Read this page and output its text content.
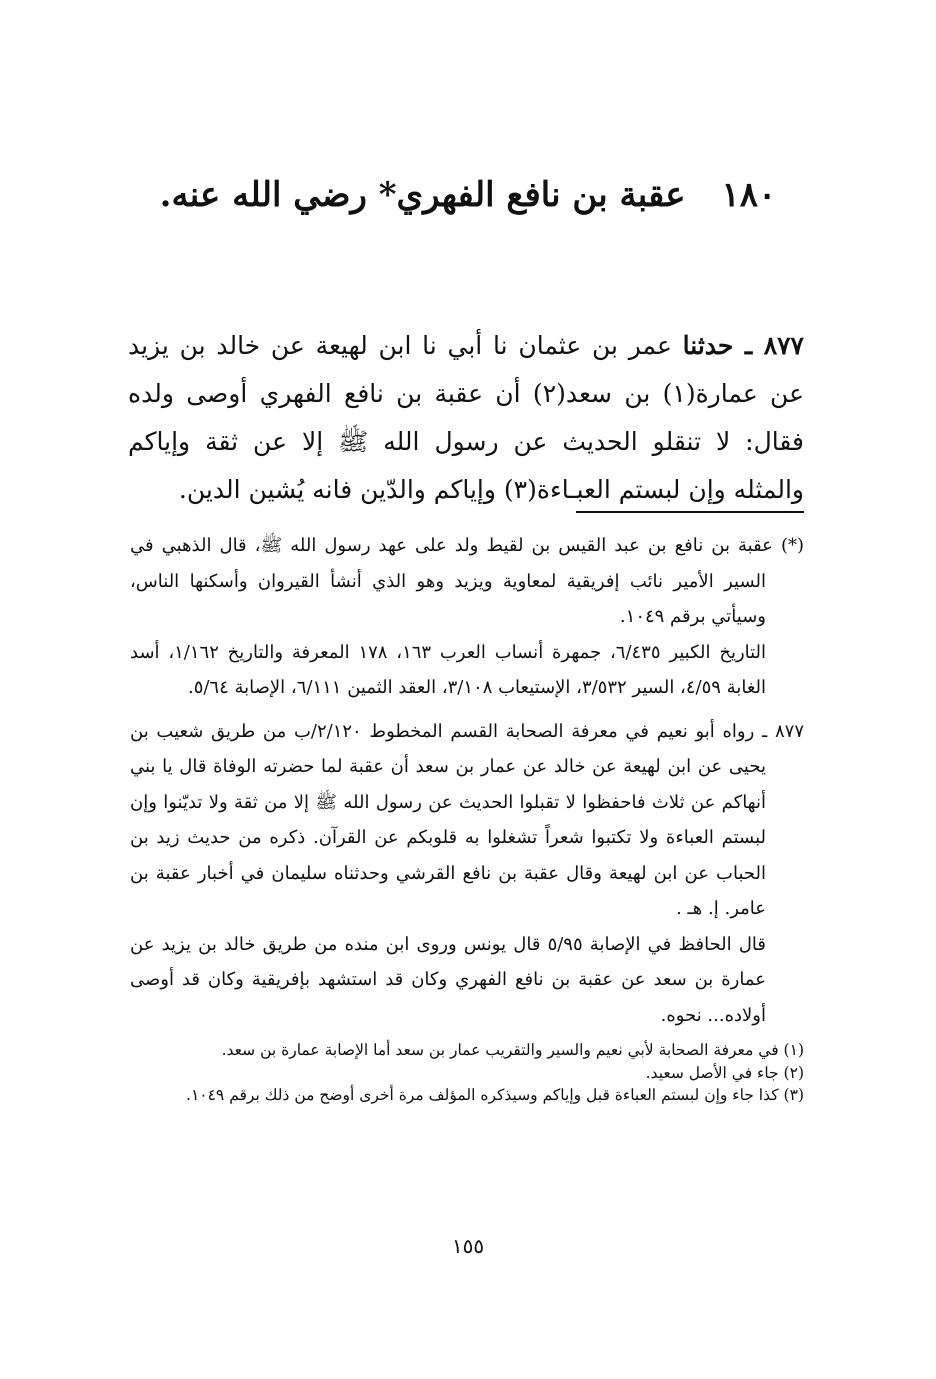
١٨٠عقبة بن نافع الفهري* رضي الله عنه.
٨٧٧ ـ حدثنا عمر بن عثمان نا أبي نا ابن لهيعة عن خالد بن يزيد عن عمارة(١) بن سعد(٢) أن عقبة بن نافع الفهري أوصى ولده فقال: لا تنقلو الحديث عن رسول الله ﷺ إلا عن ثقة وإياكم والمثله وإن لبستم العبـاءة(٣) وإياكم والدّين فانه يُشين الدين.

(*) عقبة بن نافع بن عبد القيس بن لقيط ولد على عهد رسول الله ﷺ، قال الذهبي في السير الأمير نائب إفريقية لمعاوية ويزيد وهو الذي أنشأ القيروان وأسكنها الناس، وسيأتي برقم ١٠٤٩.

التاريخ الكبير ٦/٤٣٥، جمهرة أنساب العرب ١٦٣، ١٧٨ المعرفة والتاريخ ١/١٦٢، أسد الغابة ٤/٥٩، السير ٣/٥٣٢، الإستيعاب ٣/١٠٨، العقد الثمين ٦/١١١، الإصابة ٥/٦٤.

٨٧٧ ـ رواه أبو نعيم في معرفة الصحابة القسم المخطوط ٢/١٢٠/ب من طريق شعيب بن يحيى عن ابن لهيعة عن خالد عن عمار بن سعد أن عقبة لما حضرته الوفاة قال يا بني أنهاكم عن ثلاث فاحفظوا لا تقبلوا الحديث عن رسول الله ﷺ إلا من ثقة ولا تديّنوا وإن لبستم العباءة ولا تكتبوا شعراً تشغلوا به قلوبكم عن القرآن. ذكره من حديث زيد بن الحباب عن ابن لهيعة وقال عقبة بن نافع القرشي وحدثناه سليمان في أخبار عقبة بن عامر. إ. هـ .

قال الحافظ في الإصابة ٥/٩٥ قال يونس وروى ابن منده من طريق خالد بن يزيد عن عمارة بن سعد عن عقبة بن نافع الفهري وكان قد استشهد بإفريقية وكان قد أوصى أولاده... نحوه.

(١) في معرفة الصحابة لأبي نعيم والسير والتقريب عمار بن سعد أما الإصابة عمارة بن سعد.

(٢) جاء في الأصل سعيد.

(٣) كذا جاء وإن لبستم العباءة قبل وإياكم وسيذكره المؤلف مرة أخرى أوضح من ذلك برقم ١٠٤٩.

١٥٥
